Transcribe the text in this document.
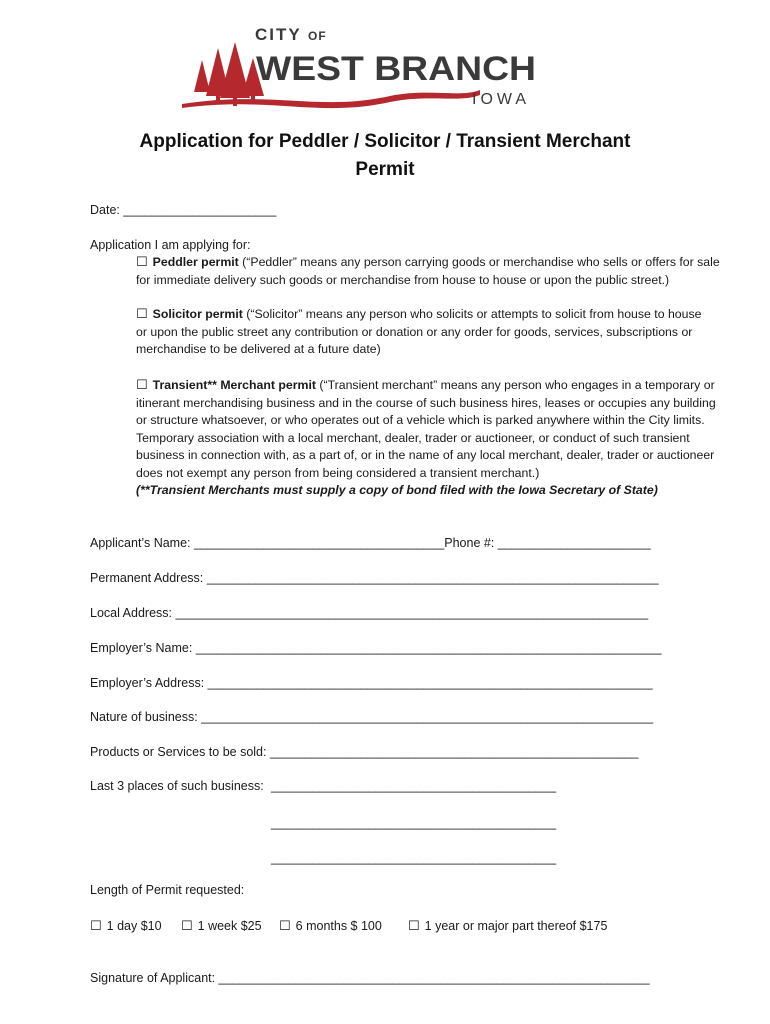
CITY OF
WEST BRANCH
IOWA
Application for Peddler / Solicitor / Transient Merchant
Permit
Date: ______________________
Application I am applying for:
☐ Peddler permit (“Peddler” means any person carrying goods or merchandise who sells or offers for sale for immediate delivery such goods or merchandise from house to house or upon the public street.)
☐ Solicitor permit (“Solicitor” means any person who solicits or attempts to solicit from house to house or upon the public street any contribution or donation or any order for goods, services, subscriptions or merchandise to be delivered at a future date)
☐ Transient** Merchant permit (“Transient merchant” means any person who engages in a temporary or itinerant merchandising business and in the course of such business hires, leases or occupies any building or structure whatsoever, or who operates out of a vehicle which is parked anywhere within the City limits. Temporary association with a local merchant, dealer, trader or auctioneer, or conduct of such transient business in connection with, as a part of, or in the name of any local merchant, dealer, trader or auctioneer does not exempt any person from being considered a transient merchant.)
(**Transient Merchants must supply a copy of bond filed with the Iowa Secretary of State)
Applicant’s Name: ____________________________________Phone #: ______________________
Permanent Address: _________________________________________________________________
Local Address: ____________________________________________________________________
Employer’s Name: ___________________________________________________________________
Employer’s Address: ________________________________________________________________
Nature of business: _________________________________________________________________
Products or Services to be sold: _____________________________________________________
Last 3 places of such business: _________________________________________
_________________________________________
_________________________________________
Length of Permit requested:
☐ 1 day $10 ☐ 1 week $25 ☐ 6 months $ 100 ☐ 1 year or major part thereof $175
Signature of Applicant: ______________________________________________________________
